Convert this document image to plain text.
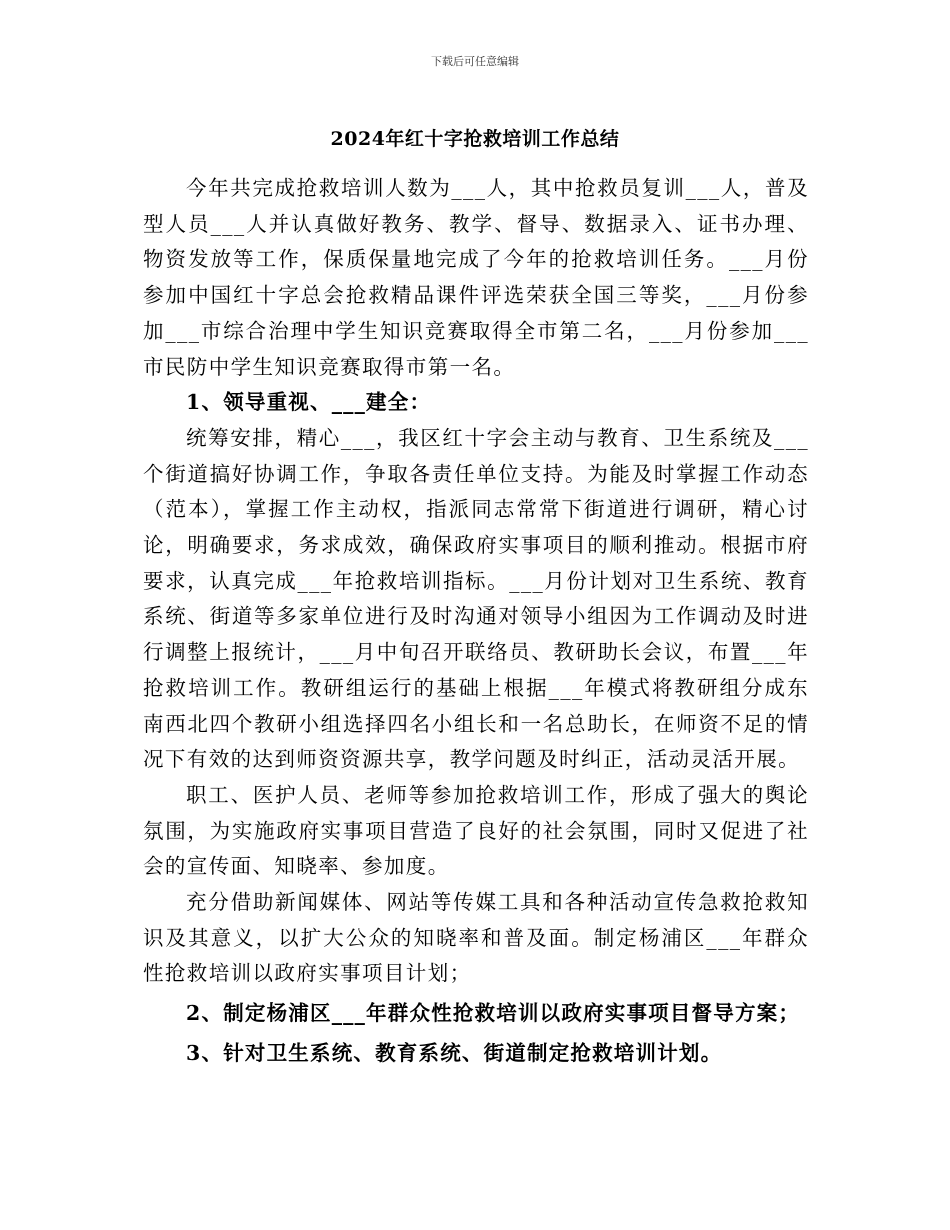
下载后可任意编辑
2024年红十字抢救培训工作总结

今年共完成抢救培训人数为___人，其中抢救员复训___人，普及型人员___人并认真做好教务、教学、督导、数据录入、证书办理、物资发放等工作，保质保量地完成了今年的抢救培训任务。___月份参加中国红十字总会抢救精品课件评选荣获全国三等奖，___月份参加___市综合治理中学生知识竞赛取得全市第二名，___月份参加___市民防中学生知识竞赛取得市第一名。

1、领导重视、___建全：

统筹安排，精心___，我区红十字会主动与教育、卫生系统及___个街道搞好协调工作，争取各责任单位支持。为能及时掌握工作动态（范本），掌握工作主动权，指派同志常常下街道进行调研，精心讨论，明确要求，务求成效，确保政府实事项目的顺利推动。根据市府要求，认真完成___年抢救培训指标。___月份计划对卫生系统、教育系统、街道等多家单位进行及时沟通对领导小组因为工作调动及时进行调整上报统计，___月中旬召开联络员、教研助长会议，布置___年抢救培训工作。教研组运行的基础上根据___年模式将教研组分成东南西北四个教研小组选择四名小组长和一名总助长，在师资不足的情况下有效的达到师资资源共享，教学问题及时纠正，活动灵活开展。

职工、医护人员、老师等参加抢救培训工作，形成了强大的舆论氛围，为实施政府实事项目营造了良好的社会氛围，同时又促进了社会的宣传面、知晓率、参加度。

充分借助新闻媒体、网站等传媒工具和各种活动宣传急救抢救知识及其意义，以扩大公众的知晓率和普及面。制定杨浦区___年群众性抢救培训以政府实事项目计划；

2、制定杨浦区___年群众性抢救培训以政府实事项目督导方案；

3、针对卫生系统、教育系统、街道制定抢救培训计划。
